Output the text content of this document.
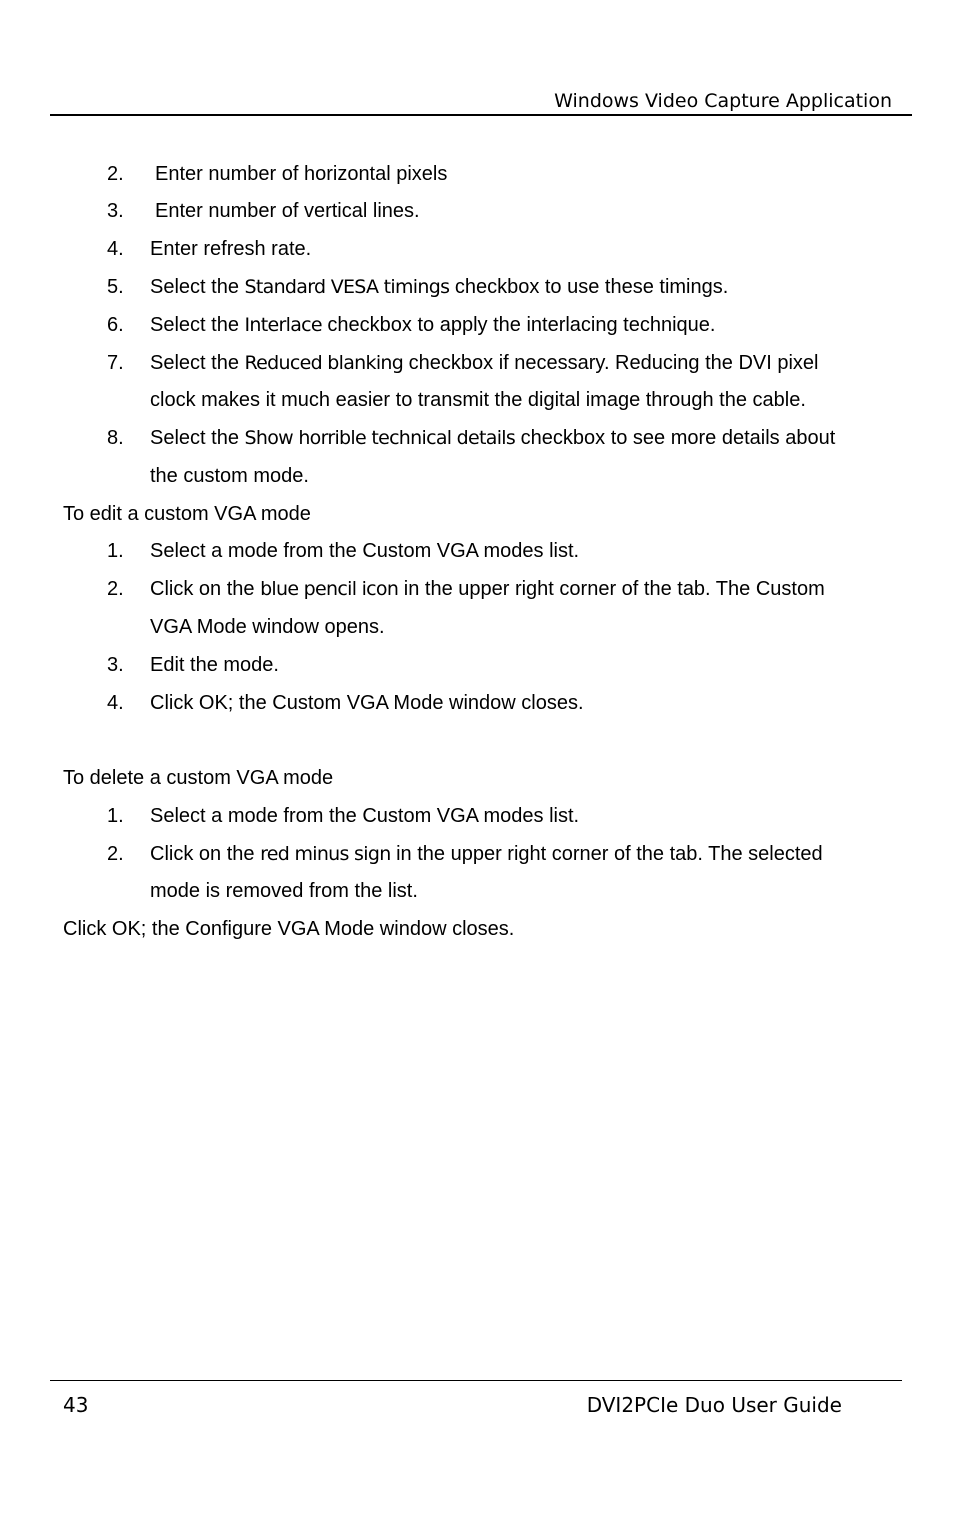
Windows Video Capture Application
2.	Enter number of horizontal pixels
3.	Enter number of vertical lines.
4.	Enter refresh rate.
5.	Select the Standard VESA timings checkbox to use these timings.
6.	Select the Interlace checkbox to apply the interlacing technique.
7.	Select the Reduced blanking checkbox if necessary. Reducing the DVI pixel
clock makes it much easier to transmit the digital image through the cable.
8.	Select the Show horrible technical details checkbox to see more details about
the custom mode.
To edit a custom VGA mode
1.	Select a mode from the Custom VGA modes list.
2.	Click on the blue pencil icon in the upper right corner of the tab. The Custom
VGA Mode window opens.
3.	Edit the mode.
4.	Click OK; the Custom VGA Mode window closes.
To delete a custom VGA mode
1.	Select a mode from the Custom VGA modes list.
2.	Click on the red minus sign in the upper right corner of the tab. The selected
mode is removed from the list.
Click OK; the Configure VGA Mode window closes.
43	DVI2PCIe Duo User Guide
